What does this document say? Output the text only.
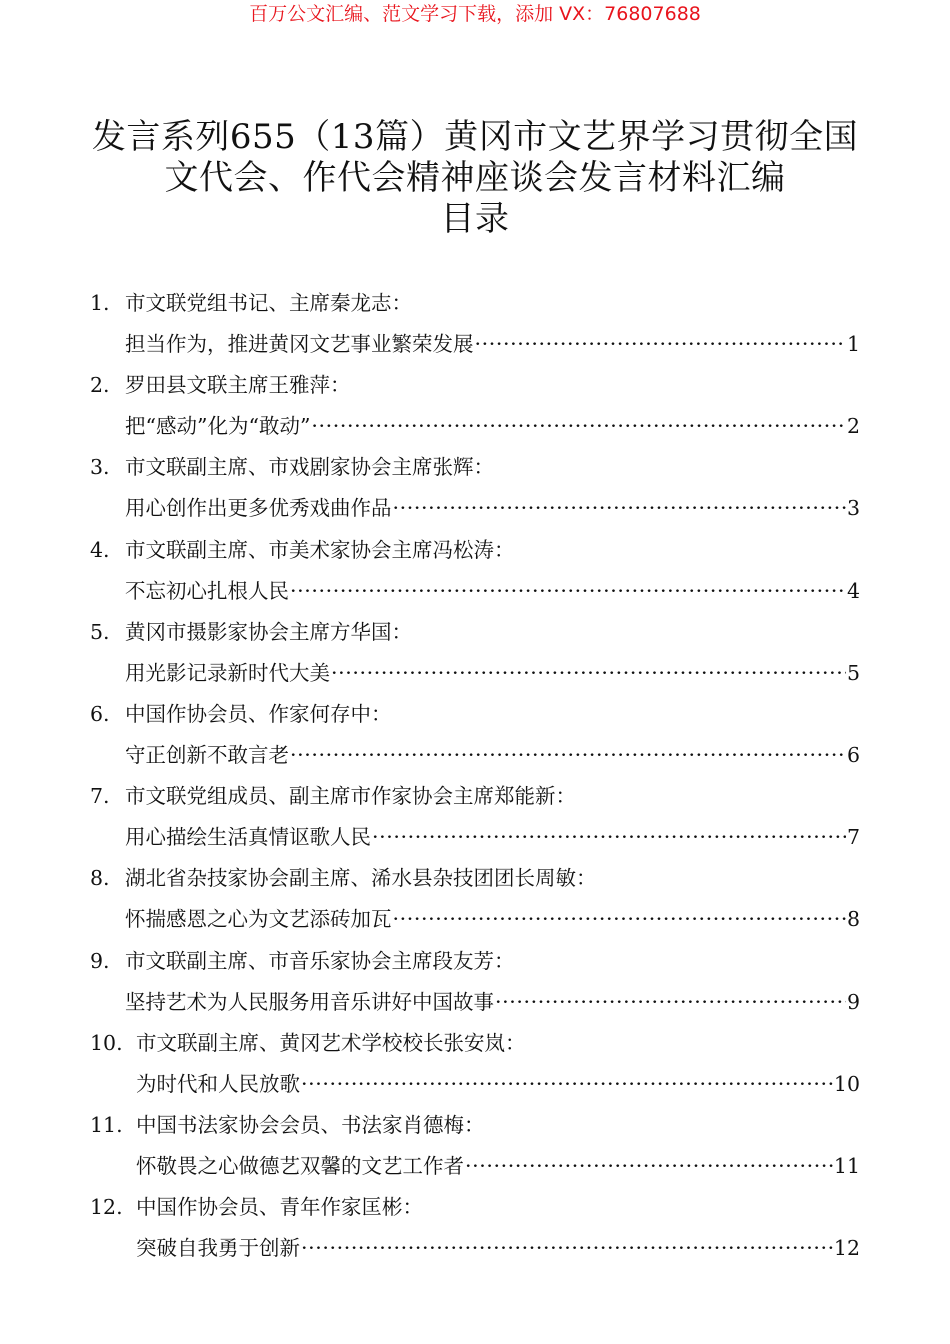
百万公文汇编、范文学习下载，添加 VX：76807688
发言系列655（13篇）黄冈市文艺界学习贯彻全国
文代会、作代会精神座谈会发言材料汇编
目录
1. 市文联党组书记、主席秦龙志：
担当作为，推进黄冈文艺事业繁荣发展 ·····	1
2. 罗田县文联主席王雅萍：
把“感动”化为“敢动” ·····	2
3. 市文联副主席、市戏剧家协会主席张辉：
用心创作出更多优秀戏曲作品 ·····	3
4. 市文联副主席、市美术家协会主席冯松涛：
不忘初心扎根人民 ·····	4
5. 黄冈市摄影家协会主席方华国：
用光影记录新时代大美 ·····	5
6. 中国作协会员、作家何存中：
守正创新不敢言老 ·····	6
7. 市文联党组成员、副主席市作家协会主席郑能新：
用心描绘生活真情讴歌人民 ·····	7
8. 湖北省杂技家协会副主席、浠水县杂技团团长周敏：
怀揣感恩之心为文艺添砖加瓦 ·····	8
9. 市文联副主席、市音乐家协会主席段友芳：
坚持艺术为人民服务用音乐讲好中国故事 ·····	9
10. 市文联副主席、黄冈艺术学校校长张安岚：
为时代和人民放歌 ·····	10
11. 中国书法家协会会员、书法家肖德梅：
怀敬畏之心做德艺双馨的文艺工作者 ·····	11
12. 中国作协会员、青年作家匡彬：
突破自我勇于创新 ·····	12
